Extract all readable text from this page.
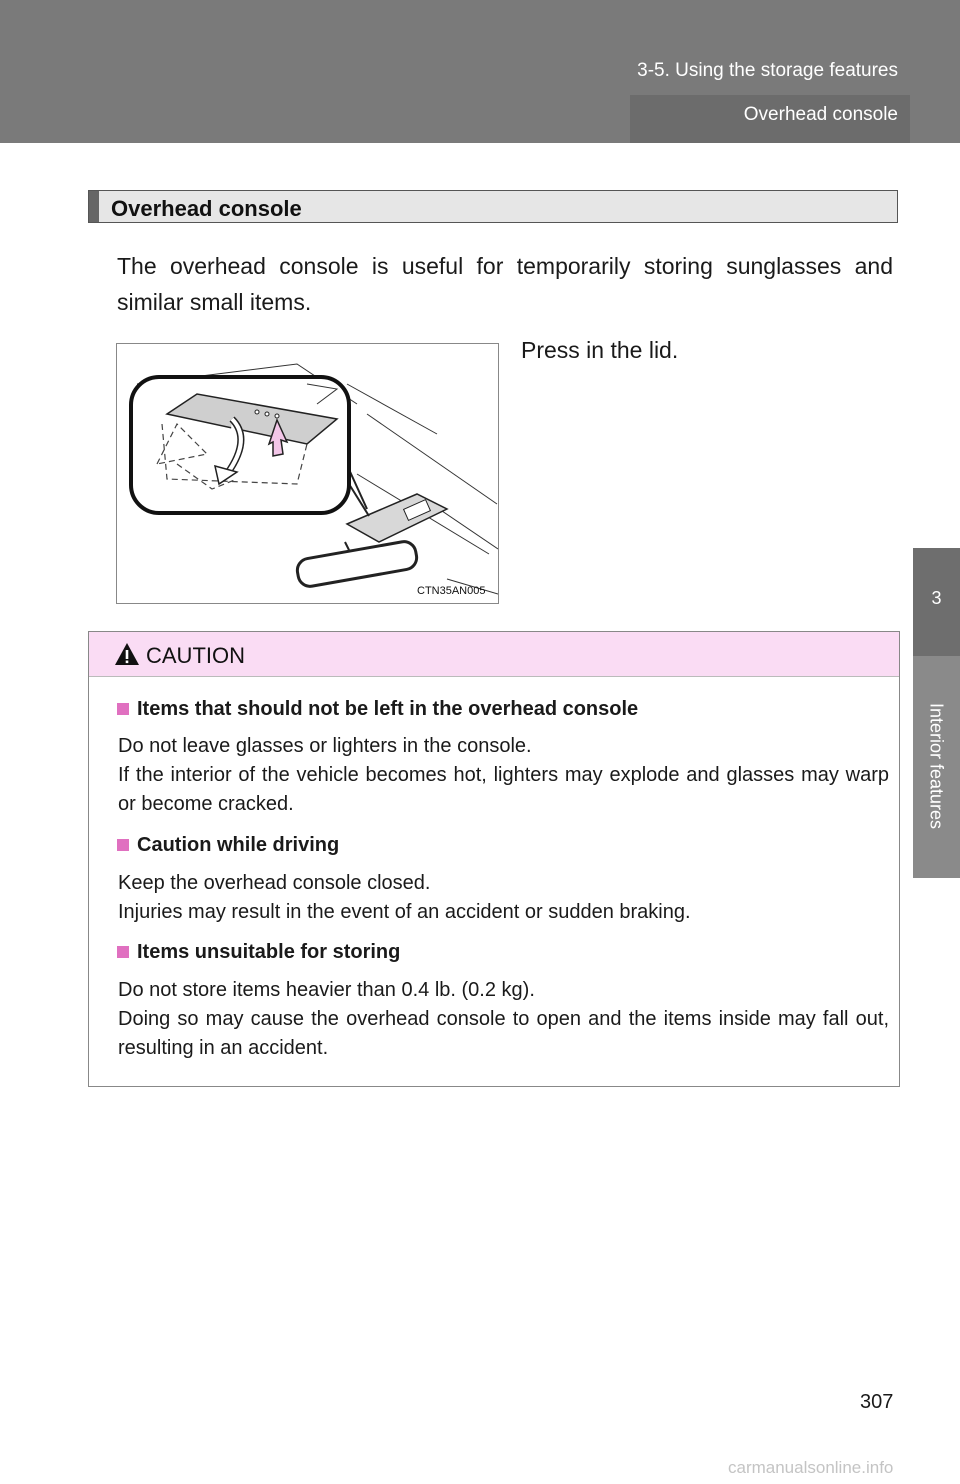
3-5. Using the storage features
Overhead console
3
Interior features
Overhead console
The overhead console is useful for temporarily storing sunglasses and similar small items.
CTN35AN005
Press in the lid.
CAUTION
Items that should not be left in the overhead console
Do not leave glasses or lighters in the console.
If the interior of the vehicle becomes hot, lighters may explode and glasses may warp or become cracked.
Caution while driving
Keep the overhead console closed.
Injuries may result in the event of an accident or sudden braking.
Items unsuitable for storing
Do not store items heavier than 0.4 lb. (0.2 kg).
Doing so may cause the overhead console to open and the items inside may fall out, resulting in an accident.
307
carmanualsonline.info
